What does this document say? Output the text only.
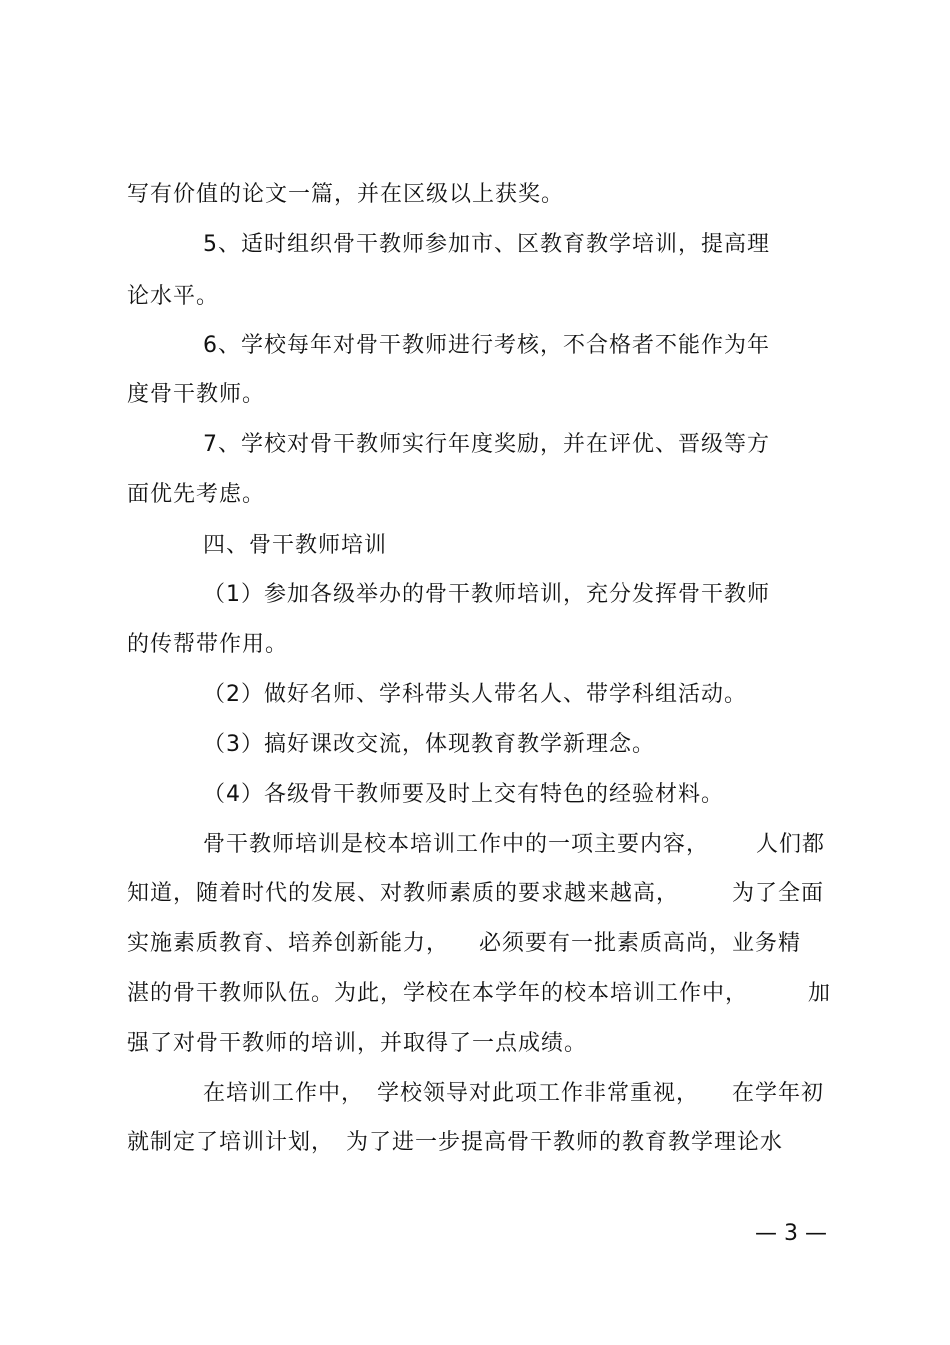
写有价值的论文一篇，并在区级以上获奖。
5、适时组织骨干教师参加市、区教育教学培训，提高理
论水平。
6、学校每年对骨干教师进行考核，不合格者不能作为年
度骨干教师。
7、学校对骨干教师实行年度奖励，并在评优、晋级等方
面优先考虑。
四、骨干教师培训
（1）参加各级举办的骨干教师培训，充分发挥骨干教师
的传帮带作用。
（2）做好名师、学科带头人带名人、带学科组活动。
（3）搞好课改交流，体现教育教学新理念。
（4）各级骨干教师要及时上交有特色的经验材料。
骨干教师培训是校本培训工作中的一项主要内容， 人们都
知道，随着时代的发展、对教师素质的要求越来越高， 为了全面
实施素质教育、培养创新能力， 必须要有一批素质高尚，业务精
湛的骨干教师队伍。为此，学校在本学年的校本培训工作中，	加
强了对骨干教师的培训，并取得了一点成绩。
在培训工作中， 学校领导对此项工作非常重视， 在学年初
就制定了培训计划， 为了进一步提高骨干教师的教育教学理论水
— 3 —
